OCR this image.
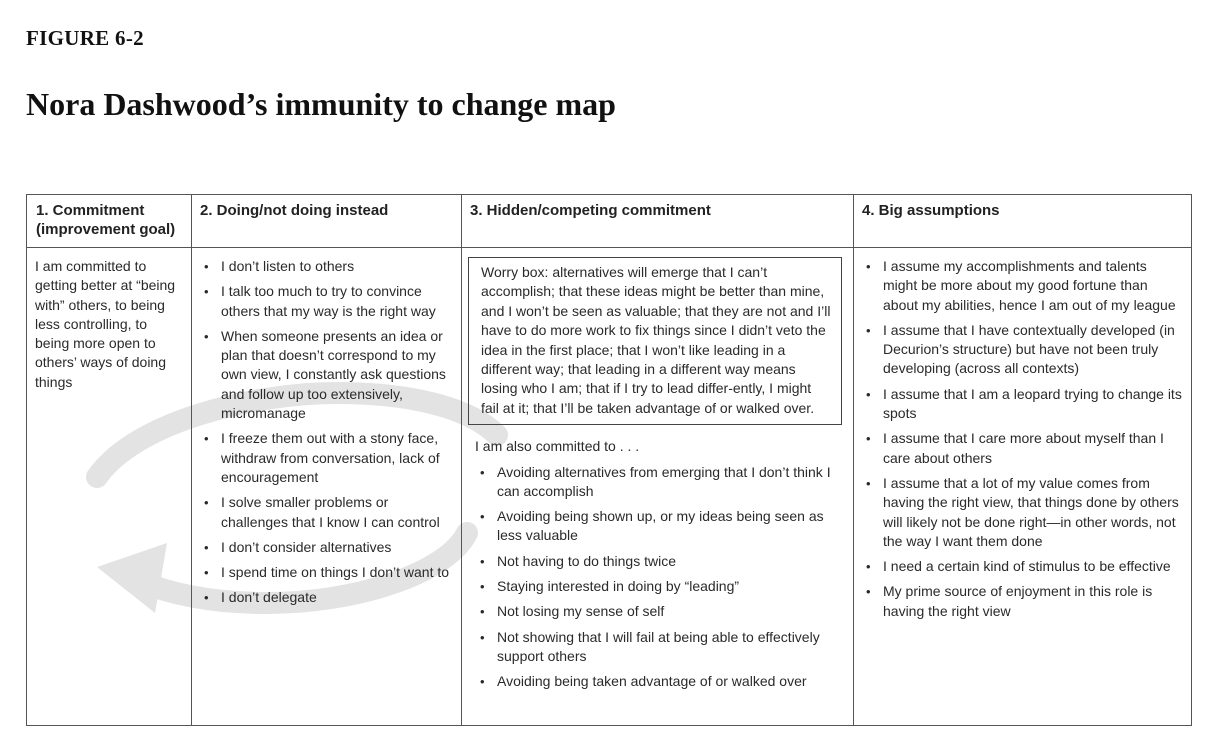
FIGURE 6-2
Nora Dashwood’s immunity to change map
1. Commitment
(improvement goal)

I am committed to getting better at “being with” others, to being less controlling, to being more open to others’ ways of doing things

2. Doing/not doing instead
• I don’t listen to others
• I talk too much to try to convince others that my way is the right way
• When someone presents an idea or plan that doesn’t correspond to my own view, I constantly ask questions and follow up too extensively, micromanage
• I freeze them out with a stony face, withdraw from conversation, lack of encouragement
• I solve smaller problems or challenges that I know I can control
• I don’t consider alternatives
• I spend time on things I don’t want to
• I don’t delegate
3. Hidden/competing commitment
Worry box: alternatives will emerge that I can’t accomplish; that these ideas might be better than mine, and I won’t be seen as valuable; that they are not and I’ll have to do more work to fix things since I didn’t veto the idea in the first place; that I won’t like leading in a different way; that leading in a different way means losing who I am; that if I try to lead differ-ently, I might fail at it; that I’ll be taken advantage of or walked over.
I am also committed to . . .
• Avoiding alternatives from emerging that I don’t think I can accomplish
• Avoiding being shown up, or my ideas being seen as less valuable
• Not having to do things twice
• Staying interested in doing by “leading”
• Not losing my sense of self
• Not showing that I will fail at being able to effectively support others
• Avoiding being taken advantage of or walked over
4. Big assumptions
• I assume my accomplishments and talents might be more about my good fortune than about my abilities, hence I am out of my league
• I assume that I have contextually developed (in Decurion’s structure) but have not been truly developing (across all contexts)
• I assume that I am a leopard trying to change its spots
• I assume that I care more about myself than I care about others
• I assume that a lot of my value comes from having the right view, that things done by others will likely not be done right—in other words, not the way I want them done
• I need a certain kind of stimulus to be effective
• My prime source of enjoyment in this role is having the right view
